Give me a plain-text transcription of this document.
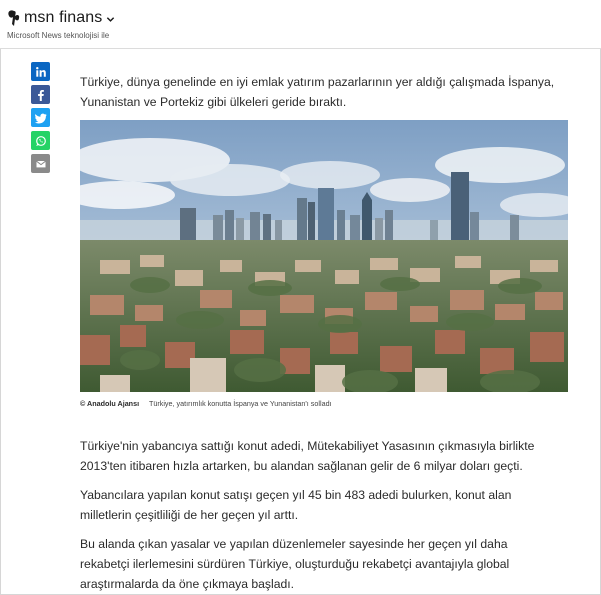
msn finans
Microsoft News teknolojisi ile

Türkiye, dünya genelinde en iyi emlak yatırım pazarlarının yer aldığı çalışmada İspanya, Yunanistan ve Portekiz gibi ülkeleri geride bıraktı.

© Anadolu Ajansı Türkiye, yatırımlık konutta İspanya ve Yunanistan'ı solladı

Türkiye'nin yabancıya sattığı konut adedi, Mütekabiliyet Yasasının çıkmasıyla birlikte 2013'ten itibaren hızla artarken, bu alandan sağlanan gelir de 6 milyar doları geçti.

Yabancılara yapılan konut satışı geçen yıl 45 bin 483 adedi bulurken, konut alan milletlerin çeşitliliği de her geçen yıl arttı.

Bu alanda çıkan yasalar ve yapılan düzenlemeler sayesinde her geçen yıl daha rekabetçi ilerlemesini sürdüren Türkiye, oluşturduğu rekabetçi avantajıyla global araştırmalarda da öne çıkmaya başladı.
